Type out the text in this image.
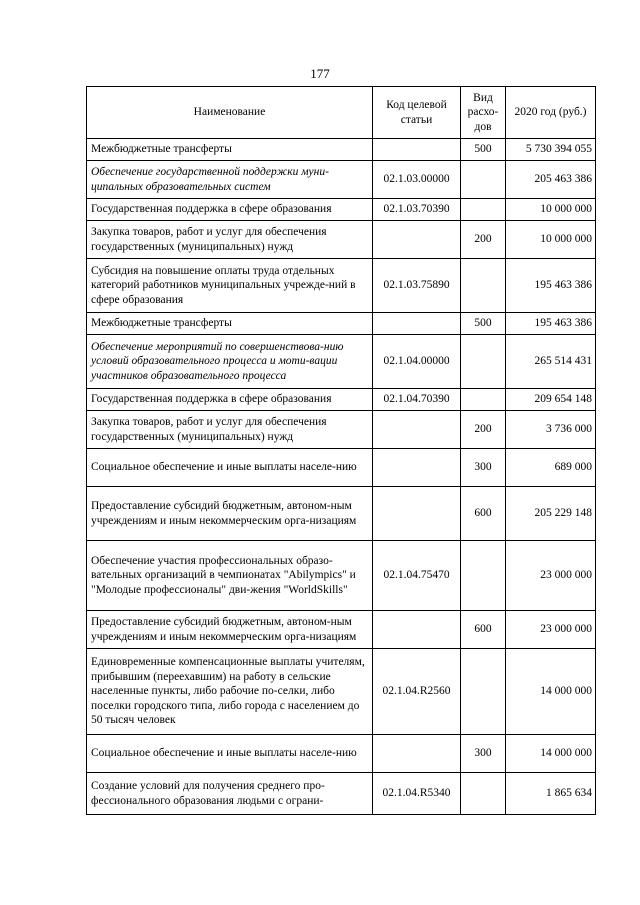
177
Наименование	Код целевой статьи	Вид расхо-дов	2020 год (руб.)
Межбюджетные трансферты		500	5 730 394 055
Обеспечение государственной поддержки муни-ципальных образовательных систем	02.1.03.00000		205 463 386
Государственная поддержка в сфере образования	02.1.03.70390		10 000 000
Закупка товаров, работ и услуг для обеспечения государственных (муниципальных) нужд		200	10 000 000
Субсидия на повышение оплаты труда отдельных категорий работников муниципальных учрежде-ний в сфере образования	02.1.03.75890		195 463 386
Межбюджетные трансферты		500	195 463 386
Обеспечение мероприятий по совершенствова-нию условий образовательного процесса и моти-вации участников образовательного процесса	02.1.04.00000		265 514 431
Государственная поддержка в сфере образования	02.1.04.70390		209 654 148
Закупка товаров, работ и услуг для обеспечения государственных (муниципальных) нужд		200	3 736 000
Социальное обеспечение и иные выплаты населе-нию		300	689 000
Предоставление субсидий бюджетным, автоном-ным учреждениям и иным некоммерческим орга-низациям		600	205 229 148
Обеспечение участия профессиональных образо-вательных организаций в чемпионатах "Abilympics" и "Молодые профессионалы" дви-жения "WorldSkills"	02.1.04.75470		23 000 000
Предоставление субсидий бюджетным, автоном-ным учреждениям и иным некоммерческим орга-низациям		600	23 000 000
Единовременные компенсационные выплаты учителям, прибывшим (переехавшим) на работу в сельские населенные пункты, либо рабочие по-селки, либо поселки городского типа, либо города с населением до 50 тысяч человек	02.1.04.R2560		14 000 000
Социальное обеспечение и иные выплаты населе-нию		300	14 000 000
Создание условий для получения среднего про-фессионального образования людьми с ограни-	02.1.04.R5340		1 865 634
